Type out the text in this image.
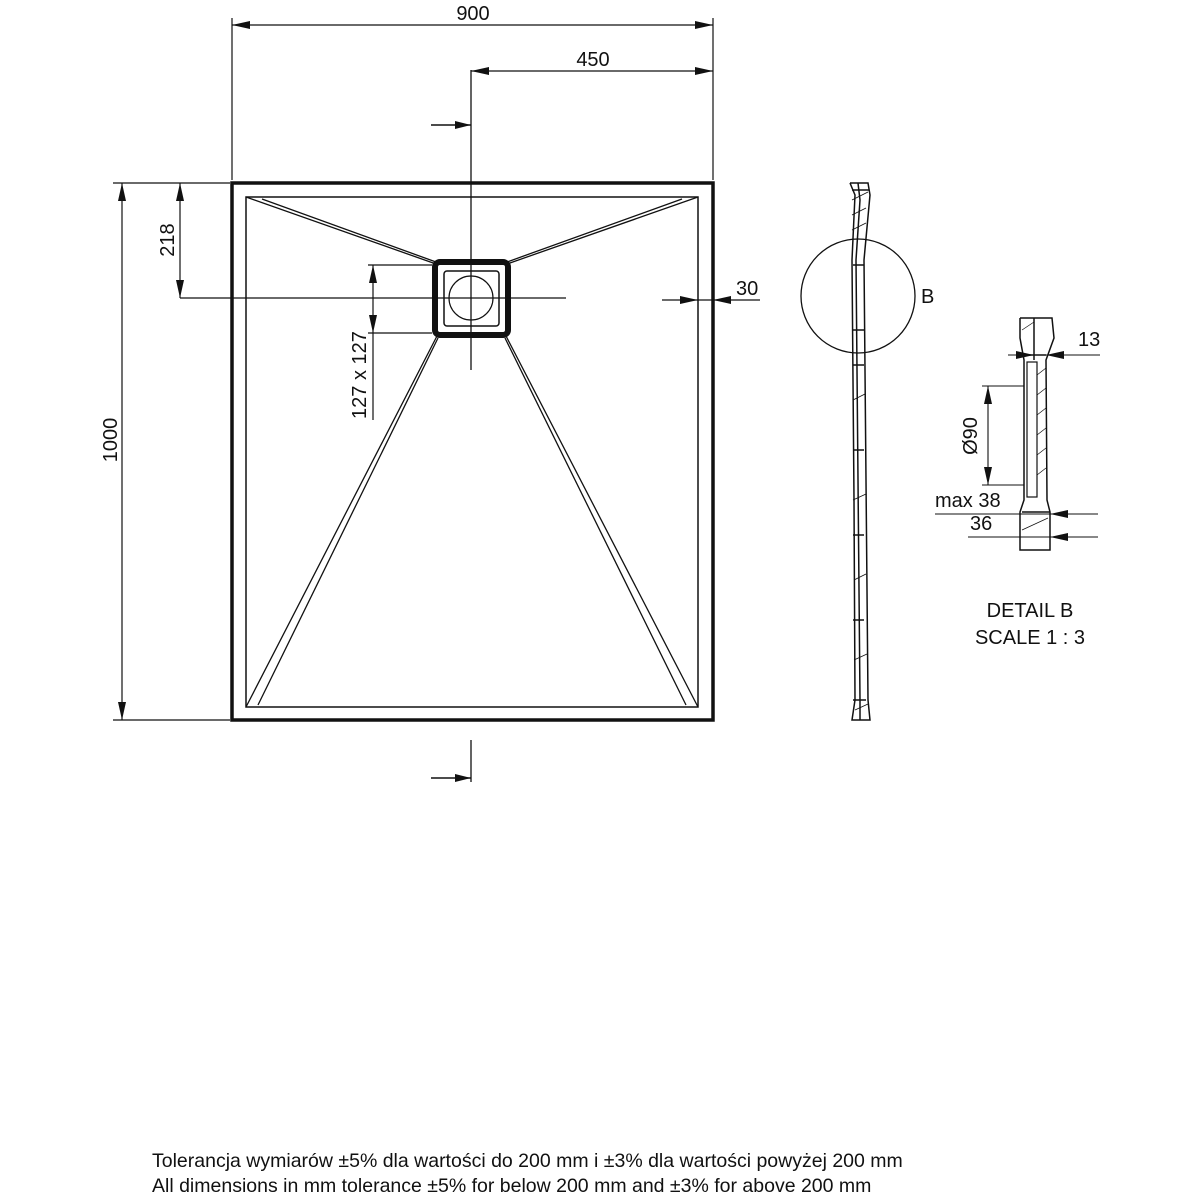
900
450
1000
218
127 x 127
30	B
13
Ø90
max 38
36
DETAIL B
SCALE 1 : 3
Tolerancja wymiarów ±5% dla wartości do 200 mm i ±3% dla wartości powyżej 200 mm
All dimensions in mm tolerance ±5% for below 200 mm and ±3% for above 200 mm
